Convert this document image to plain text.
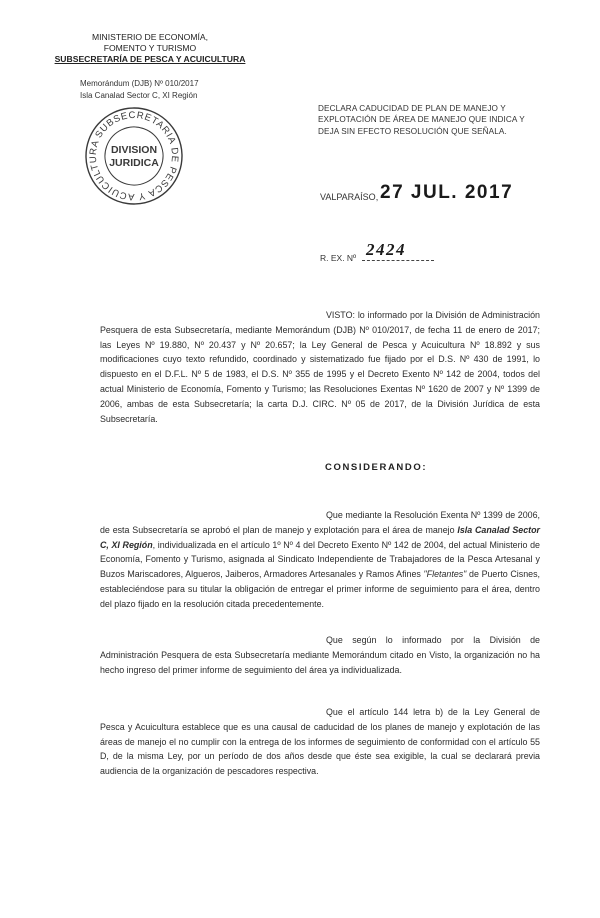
MINISTERIO DE ECONOMÍA,
FOMENTO Y TURISMO
SUBSECRETARÍA DE PESCA Y ACUICULTURA
Memorándum (DJB) Nº 010/2017
Isla Canalad Sector C, XI Región
SUBSECRETARIA DE PESCA Y ACUICULTURA
DIVISION
JURIDICA
DECLARA CADUCIDAD DE PLAN DE MANEJO Y EXPLOTACIÓN DE ÁREA DE MANEJO QUE INDICA Y DEJA SIN EFECTO RESOLUCIÓN QUE SEÑALA.
VALPARAÍSO, 27 JUL. 2017
R. EX. Nº 2424
VISTO: lo informado por la División de Administración Pesquera de esta Subsecretaría, mediante Memorándum (DJB) Nº 010/2017, de fecha 11 de enero de 2017; las Leyes Nº 19.880, Nº 20.437 y Nº 20.657; la Ley General de Pesca y Acuicultura Nº 18.892 y sus modificaciones cuyo texto refundido, coordinado y sistematizado fue fijado por el D.S. Nº 430 de 1991, lo dispuesto en el D.F.L. Nº 5 de 1983, el D.S. Nº 355 de 1995 y el Decreto Exento Nº 142 de 2004, todos del actual Ministerio de Economía, Fomento y Turismo; las Resoluciones Exentas Nº 1620 de 2007 y Nº 1399 de 2006, ambas de esta Subsecretaría; la carta D.J. CIRC. Nº 05 de 2017, de la División Jurídica de esta Subsecretaría.
CONSIDERANDO:
Que mediante la Resolución Exenta Nº 1399 de 2006, de esta Subsecretaría se aprobó el plan de manejo y explotación para el área de manejo Isla Canalad Sector C, XI Región, individualizada en el artículo 1º Nº 4 del Decreto Exento Nº 142 de 2004, del actual Ministerio de Economía, Fomento y Turismo, asignada al Sindicato Independiente de Trabajadores de la Pesca Artesanal y Buzos Mariscadores, Algueros, Jaiberos, Armadores Artesanales y Ramos Afines "Fletantes" de Puerto Cisnes, estableciéndose para su titular la obligación de entregar el primer informe de seguimiento para el área, dentro del plazo fijado en la resolución citada precedentemente.
Que según lo informado por la División de Administración Pesquera de esta Subsecretaría mediante Memorándum citado en Visto, la organización no ha hecho ingreso del primer informe de seguimiento del área ya individualizada.
Que el artículo 144 letra b) de la Ley General de Pesca y Acuicultura establece que es una causal de caducidad de los planes de manejo y explotación de las áreas de manejo el no cumplir con la entrega de los informes de seguimiento de conformidad con el artículo 55 D, de la misma Ley, por un período de dos años desde que éste sea exigible, la cual se declarará previa audiencia de la organización de pescadores respectiva.
